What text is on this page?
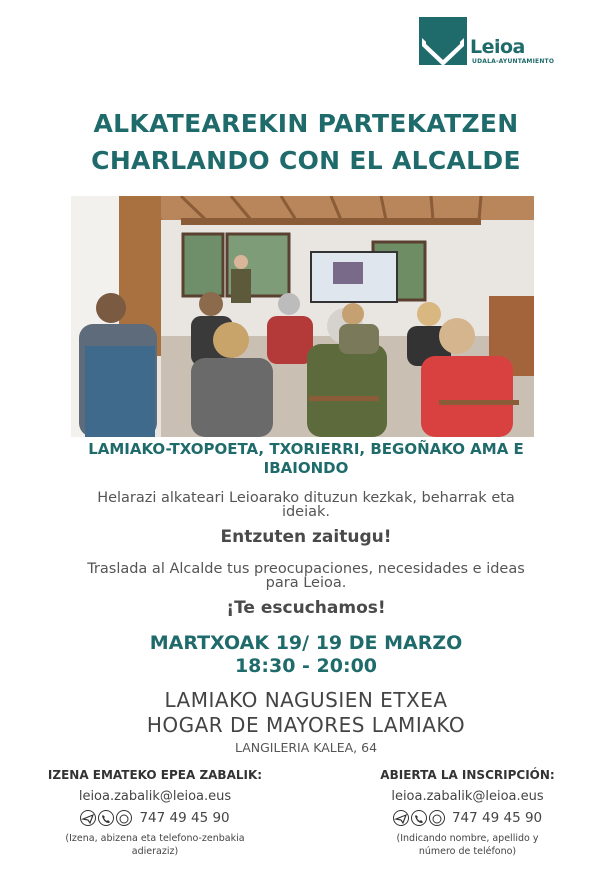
Leioa
UDALA-AYUNTAMIENTO
ALKATEAREKIN PARTEKATZEN
CHARLANDO CON EL ALCALDE
LAMIAKO-TXOPOETA, TXORIERRI, BEGOÑAKO AMA E
IBAIONDO
Helarazi alkateari Leioarako dituzun kezkak, beharrak eta
ideiak.
Entzuten zaitugu!
Traslada al Alcalde tus preocupaciones, necesidades e ideas
para Leioa.
¡Te escuchamos!
MARTXOAK 19/ 19 DE MARZO
18:30 - 20:00
LAMIAKO NAGUSIEN ETXEA
HOGAR DE MAYORES LAMIAKO
LANGILERIA KALEA, 64
IZENA EMATEKO EPEA ZABALIK:
leioa.zabalik@leioa.eus
747 49 45 90
(Izena, abizena eta telefono-zenbakia
adieraziz)
ABIERTA LA INSCRIPCIÓN:
leioa.zabalik@leioa.eus
747 49 45 90
(Indicando nombre, apellido y
número de teléfono)
